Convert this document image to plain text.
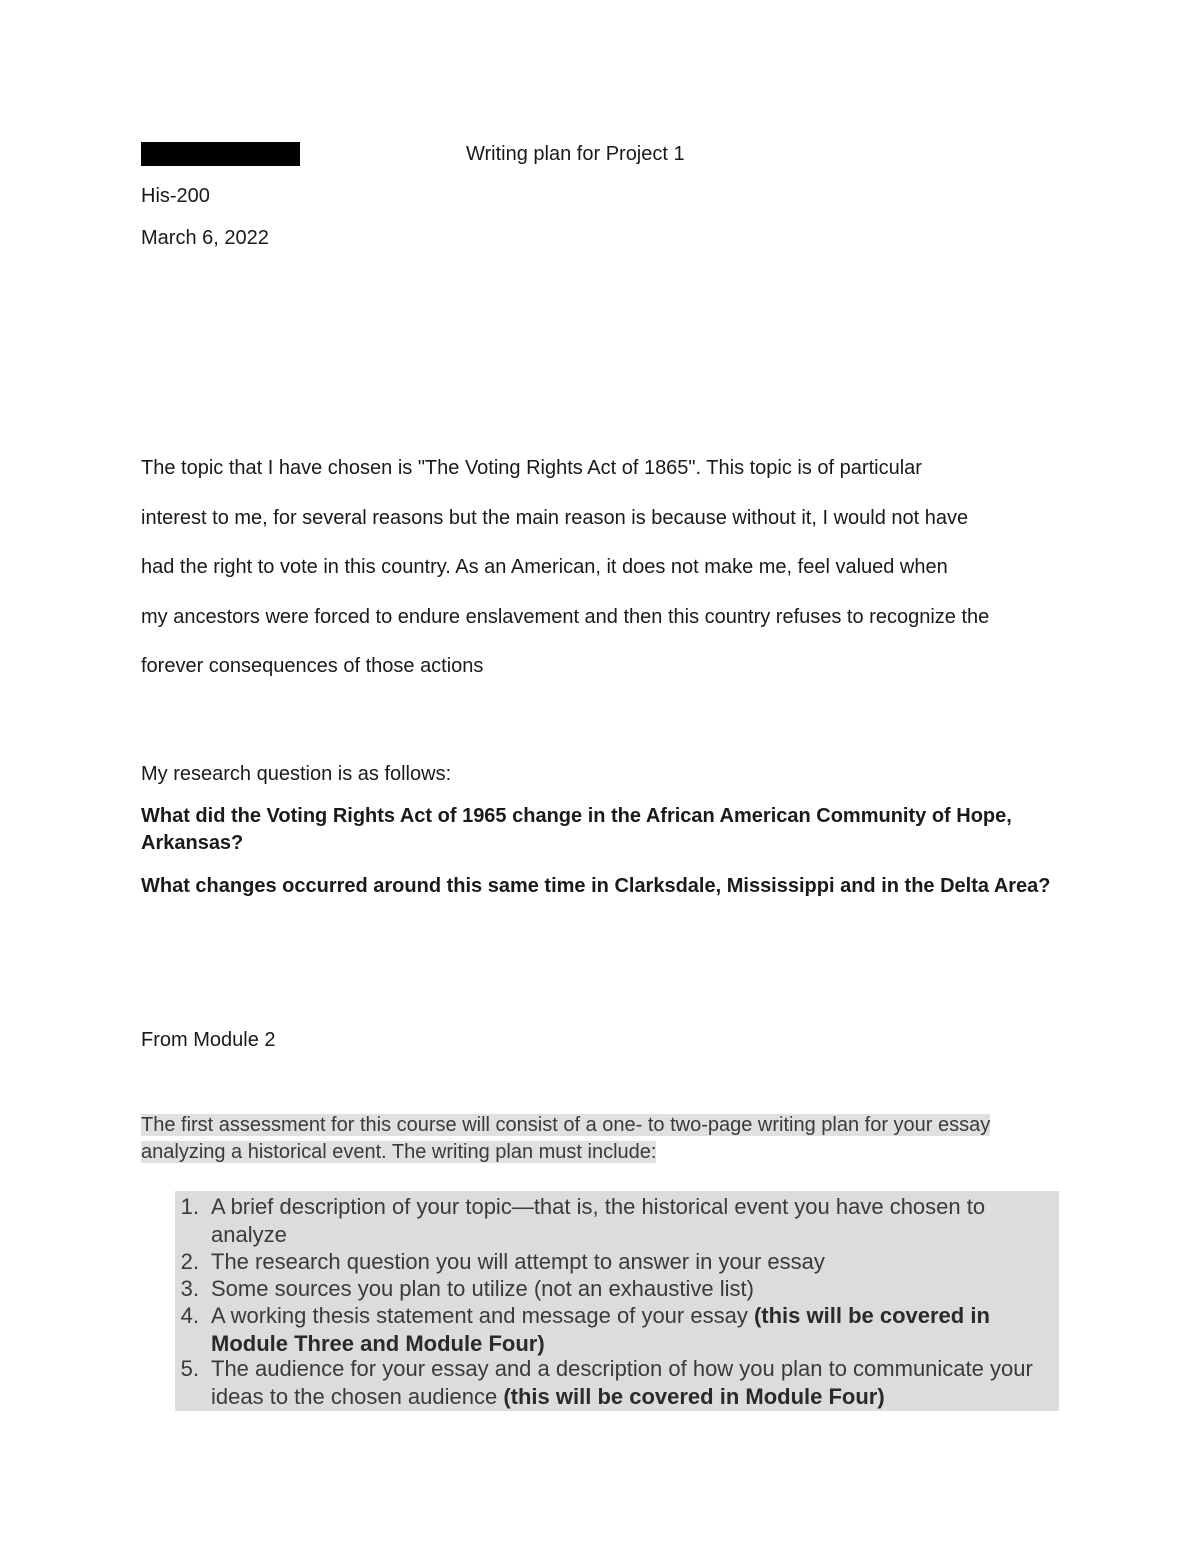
Writing plan for Project 1
His-200
March 6, 2022

The topic that I have chosen is "The Voting Rights Act of 1865". This topic is of particular
interest to me, for several reasons but the main reason is because without it, I would not have
had the right to vote in this country. As an American, it does not make me, feel valued when
my ancestors were forced to endure enslavement and then this country refuses to recognize the
forever consequences of those actions

My research question is as follows:

What did the Voting Rights Act of 1965 change in the African American Community of Hope, Arkansas?

What changes occurred around this same time in Clarksdale, Mississippi and in the Delta Area?

From Module 2

The first assessment for this course will consist of a one- to two-page writing plan for your essay analyzing a historical event. The writing plan must include:

1. A brief description of your topic—that is, the historical event you have chosen to analyze
2. The research question you will attempt to answer in your essay
3. Some sources you plan to utilize (not an exhaustive list)
4. A working thesis statement and message of your essay (this will be covered in Module Three and Module Four)
5. The audience for your essay and a description of how you plan to communicate your ideas to the chosen audience (this will be covered in Module Four)
